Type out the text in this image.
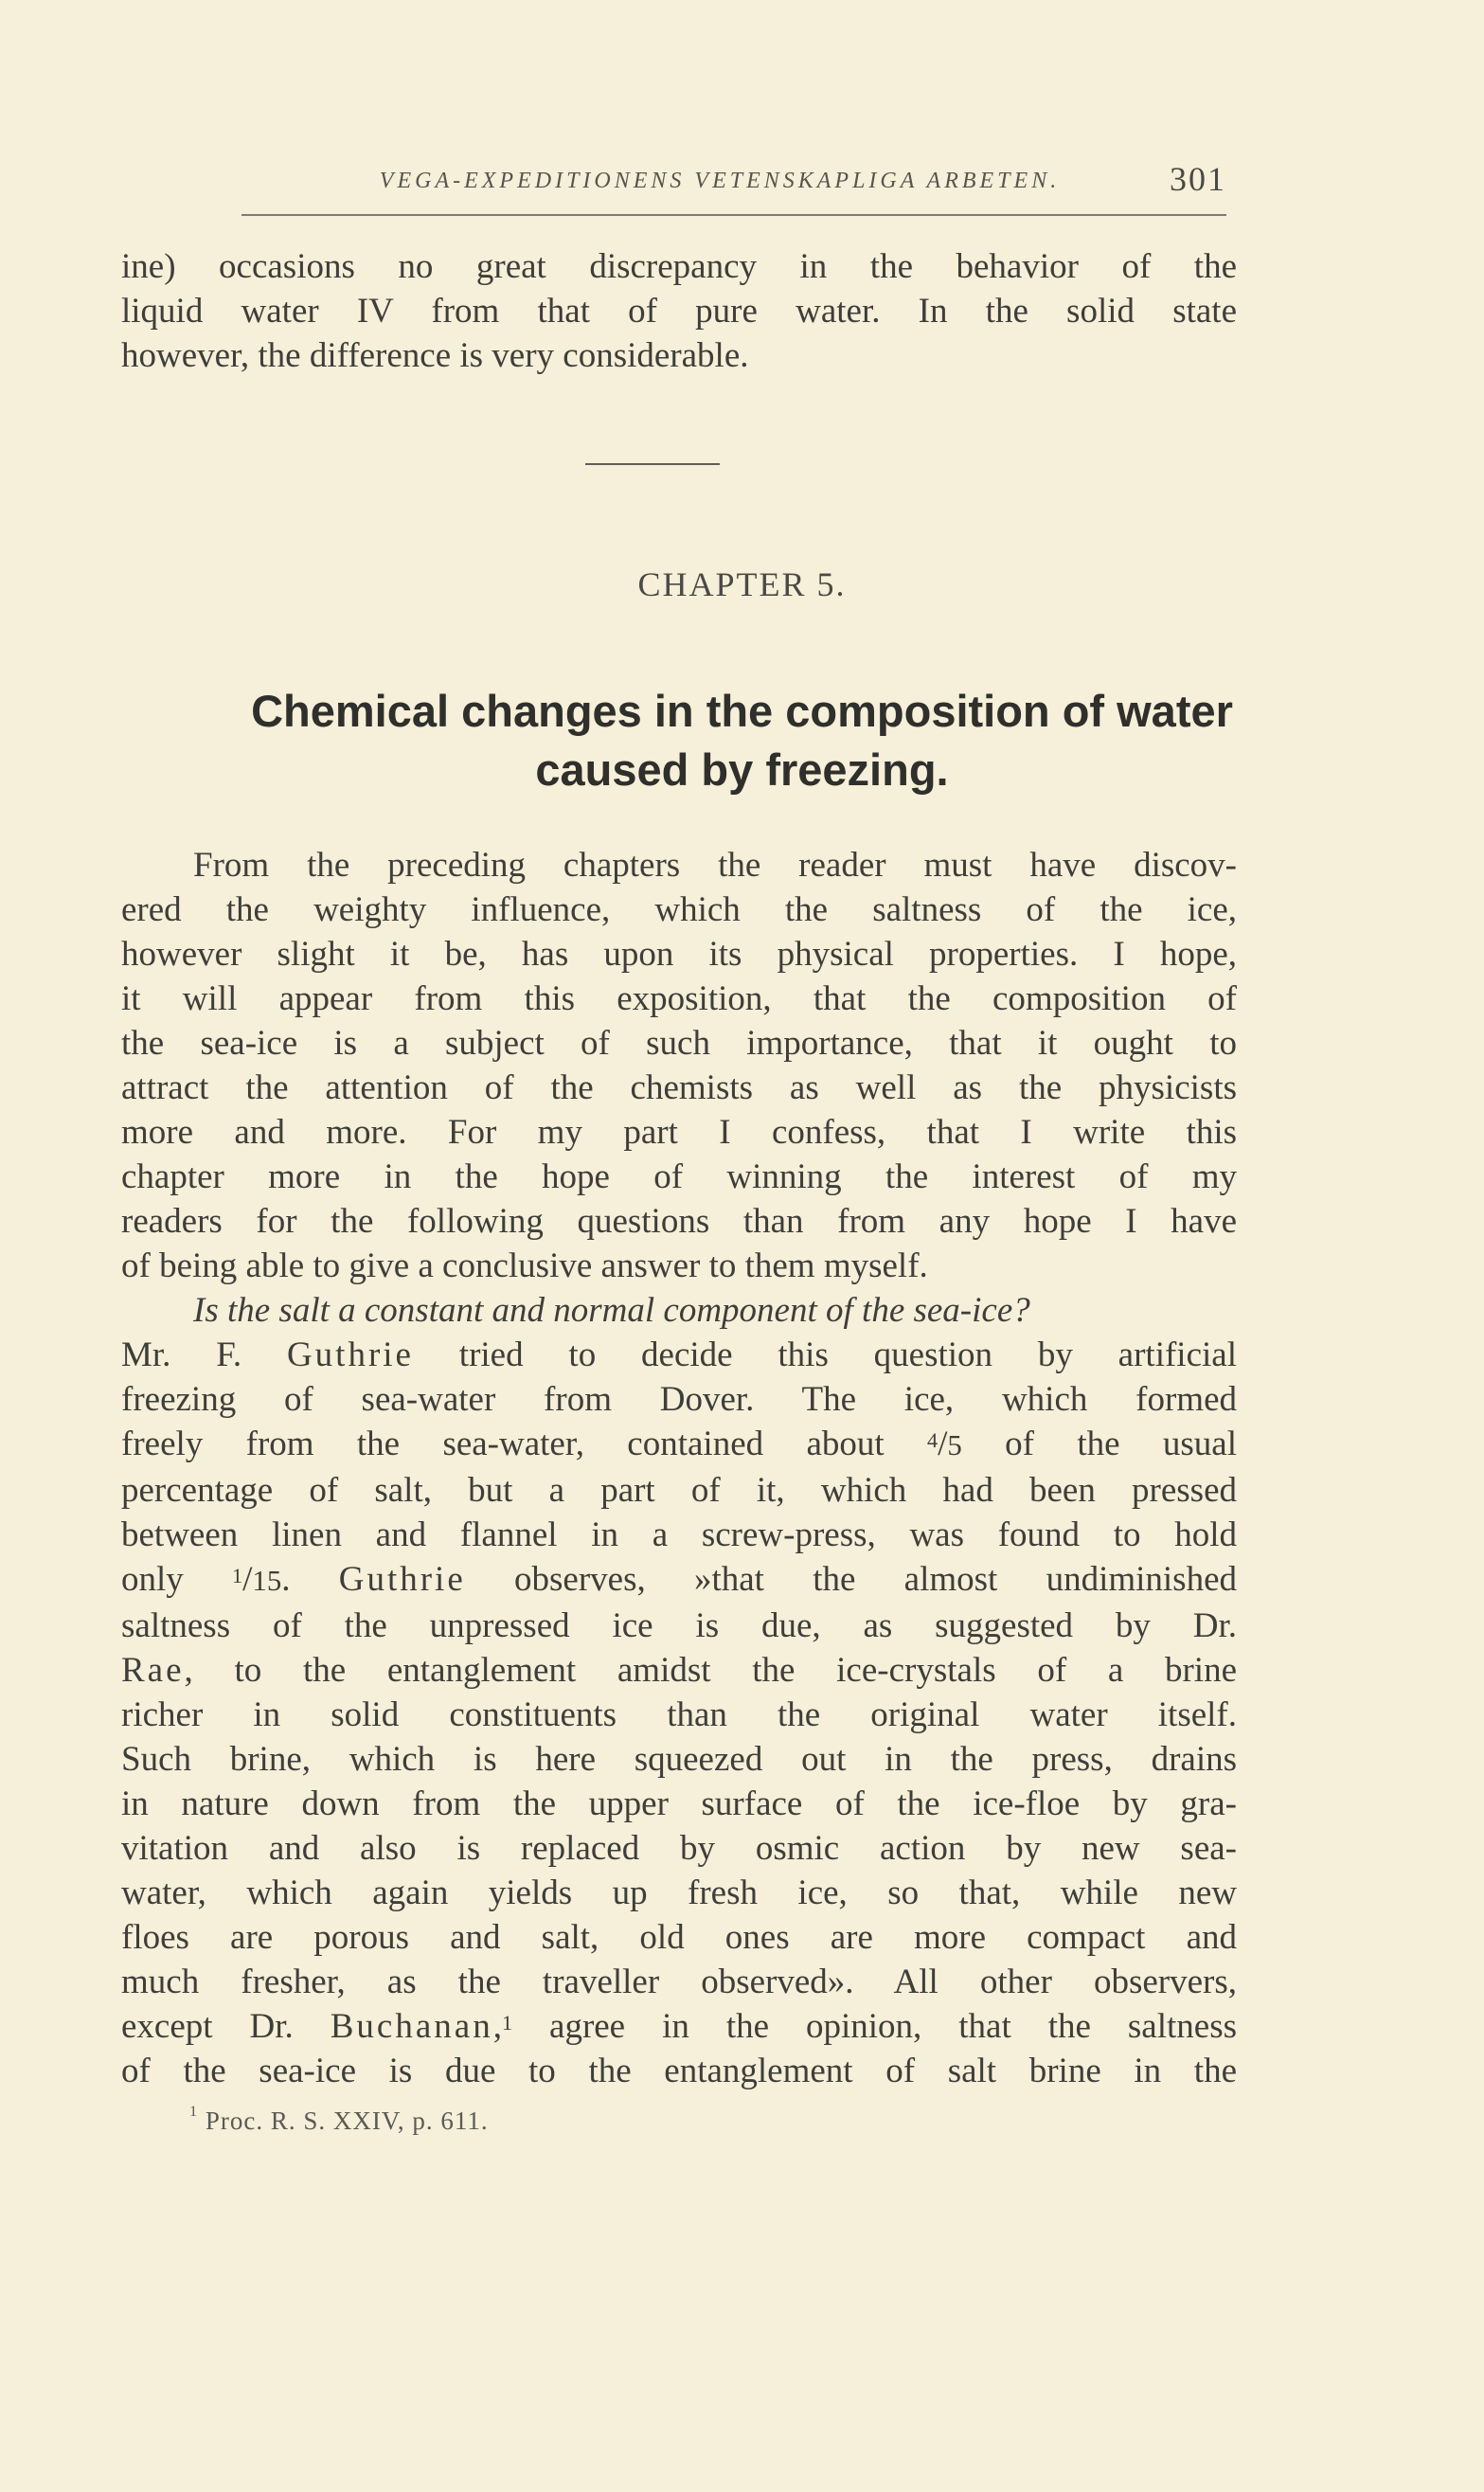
VEGA-EXPEDITIONENS VETENSKAPLIGA ARBETEN.	301
ine) occasions no great discrepancy in the behavior of the
liquid water IV from that of pure water. In the solid state
however, the difference is very considerable.
CHAPTER 5.
Chemical changes in the composition of water
caused by freezing.
From the preceding chapters the reader must have discov-
ered the weighty influence, which the saltness of the ice,
however slight it be, has upon its physical properties. I hope,
it will appear from this exposition, that the composition of
the sea-ice is a subject of such importance, that it ought to
attract the attention of the chemists as well as the physicists
more and more. For my part I confess, that I write this
chapter more in the hope of winning the interest of my
readers for the following questions than from any hope I have
of being able to give a conclusive answer to them myself.
Is the salt a constant and normal component of the sea-ice?
Mr. F. Guthrie tried to decide this question by artificial
freezing of sea-water from Dover. The ice, which formed
freely from the sea-water, contained about $^4$/5 of the usual
percentage of salt, but a part of it, which had been pressed
between linen and flannel in a screw-press, was found to hold
only $^1$/15. Guthrie observes, »that the almost undiminished
saltness of the unpressed ice is due, as suggested by Dr.
Rae, to the entanglement amidst the ice-crystals of a brine
richer in solid constituents than the original water itself.
Such brine, which is here squeezed out in the press, drains
in nature down from the upper surface of the ice-floe by gra-
vitation and also is replaced by osmic action by new sea-
water, which again yields up fresh ice, so that, while new
floes are porous and salt, old ones are more compact and
much fresher, as the traveller observed». All other observers,
except Dr. Buchanan,$^1$ agree in the opinion, that the saltness
of the sea-ice is due to the entanglement of salt brine in the
$^1$ Proc. R. S. XXIV, p. 611.
